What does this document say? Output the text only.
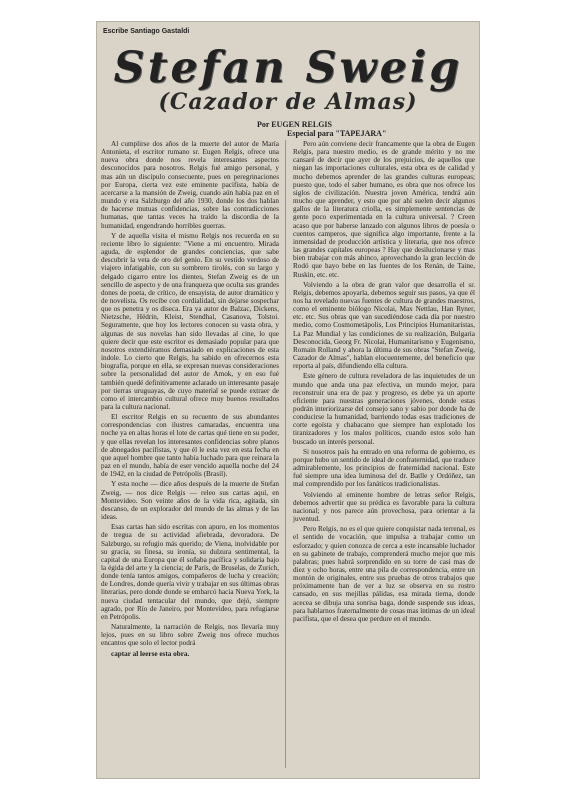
Escribe Santiago Gastaldi
Stefan Sweig
(Cazador de Almas)
Por EUGEN RELGIS
Especial para "TAPEJARA"

Al cumplirse dos años de la muerte del autor de María Antonieta, el escritor rumano sr. Eugen Relgis, ofrece una nueva obra donde nos revela interesantes aspectos desconocidos para nosotros. Relgis fué amigo personal, y mas aún un discípulo consecuente, pues en peregrinaciones por Europa, cierta vez este eminente pacifista, había de acercarse a la mansión de Zweig, cuando aún había paz en el mundo y era Salzburgo del año 1930, donde los dos hablan de hacerse mutuas confidencias, sobre las contradicciones humanas, que tantas veces ha traído la discordia de la humanidad, engendrando horribles guerras.

Y de aquella visita el mismo Relgis nos recuerda en su reciente libro lo siguiente: "Viene a mi encuentro. Mirada aguda, de esplendor de grandes conciencias, que sabe descubrir la veta de oro del genio. En su vestido verdoso de viajero infatigable, con su sombrero tirolés, con su largo y delgado cigarro entre los dientes, Stefan Zweig es de un sencillo de aspecto y de una franqueza que oculta sus grandes dones de poeta, de crítico, de ensayista, de autor dramático y de novelista. Os recibe con cordialidad, sin dejarse sospechar que os penetra y os diseca. Era ya autor de Balzac, Dickens, Nietzsche, Hëdrin, Kleist, Stendhal, Casanova, Tolstoi. Seguramente, que hoy los lectores conocen su vasta obra, y algunas de sus novelas han sido llevadas al cine, lo que quiere decir que este escritor es demasiado popular para que nosotros extendiéramos demasiado en explicaciones de esta índole. Lo cierto que Relgis, ha sabido en ofrecernos esta biografía, porque en ella, se expresan nuevas consideraciones sobre la personalidad del autor de Amok, y en eso fué también quedé definitivamente aclarado un interesante pasaje por tierras uruguayas, de cuyo material se puede extraer de como el intercambio cultural ofrece muy buenos resultados para la cultura nacional.

El escritor Relgis en su recuento de sus abundantes correspondencias con ilustres camaradas, encuentra una noche ya en altas horas el lote de cartas qué tiene en su poder, y que ellas revelan los interesantes confidencias sobre planos de abnegados pacifistas, y que él le esta vez en esta fecha en que aquel hombre que tanto había luchado para que reinara la paz en el mundo, había de eser vencido aquella noche del 24 de 1942, en la ciudad de Petrópolis (Brasil).

Y esta noche — dice años después de la muerte de Stefan Zweig, — nos dice Relgis — releo sus cartas aquí, en Montevideo. Son veinte años de la vida rica, agitada, sin descanso, de un explorador del mundo de las almas y de las ideas.

Esas cartas han sido escritas con apuro, en los momentos de tregua de su actividad afiebrada, devoradora. De Salzburgo, su refugio más querido; de Viena, inolvidable por su gracia, su finesa, su ironía, su dulzura sentimental, la capital de una Europa que él soñaba pacífica y solidaria bajo la égida del arte y la ciencia; de París, de Bruselas, de Zurich, donde tenía tantos amigos, compañeros de lucha y creación; de Londres, donde quería vivir y trabajar en sus últimas obras literarias, pero donde donde se embarcó hacia Nueva York, la nueva ciudad tentacular del mundo, que dejó, siempre agrado, por Río de Janeiro, por Montevideo, para refugiarse en Petrópolis.

Naturalmente, la narración de Relgis, nos llevaría muy lejos, pues en su libro sobre Zweig nos ofrece muchos encantos que solo el lector podrá

captar al leerse esta obra.

Pero aún conviene decir francamente que la obra de Eugen Relgis, para nuestro medio, es de grande mérito y no me cansaré de decir que ayer de los prejuicios, de aquellos que niegan las importaciones culturales, esta obra es de calidad y mucho debemos aprender de las grandes culturas europeas; puesto que, todo el saber humano, es obra que nos ofrece los siglos de civilización. Nuestra joven América, tendrá aún mucho que aprender, y esto que por ahí suelen decir algunos gallos de la literatura criolla, es simplemente sentencias de gente poco experimentada en la cultura universal. ? Creen acaso que por haberse lanzado con algunos libros de poesía o cuentos camperos, que significa algo importante, frente a la inmensidad de producción artística y literaria, que nos ofrece las grandes capitales europeas ? Hay que desilucionarse y mas bien trabajar con más ahínco, aprovechando la gran lección de Rodó que hayo bebe en las fuentes de los Renán, de Taine, Ruskin, etc. etc.

Volviendo a la obra de gran valor que desarrolla el sr. Relgis, debemos apoyarla, debemos seguir sus pasos, ya que él nos ha revelado nuevas fuentes de cultura de grandes maestros, como el eminente biólogo Nicolai, Max Nettlau, Han Ryner, etc. etc. Sus obras que van sucediéndose cada día por nuestro medio, como Cosmometápolis, Los Principios Humanitaristas, La Paz Mundial y las condiciones de su realización, Bulgaria Desconocida, Georg Fr. Nicolai, Humanitarismo y Eugenismo, Romain Rolland y ahora la última de sus obras "Stefan Zweig, Cazador de Almas", hablan elocuentemente, del beneficio que reporta al país, difundiendo ella cultura.

Este género de cultura reveladora de las inquietudes de un mundo que anda una paz efectiva, un mundo mejor, para reconstruir una era de paz y progreso, es debe ya un aporte eficiente para nuestras generaciones jóvenes, donde estas podrán interiorizarse del consejo sano y sabio por donde ha de conducirse la humanidad, barriendo todas esas tradiciones de corte egoísta y chabacano que siempre han explotado los tiranizadores y los malos políticos, cuando estos solo han buscado un interés personal.

Si nosotros país ha entrado en una reforma de gobierno, es porque hubo un sentido de ideal de confraternidad, que traduce admirablemente, los principios de fraternidad nacional. Este fué siempre una idea luminosa del dr. Batlle y Ordóñez, tan mal comprendido por los fanáticos tradicionalistas.

Volviendo al eminente hombre de letras señor Relgis, debemos advertir que su prédica es favorable para la cultura nacional; y nos parece aún provechosa, para orientar a la juventud.

Pero Relgis, no es el que quiere conquistar nada terrenal, es el sentido de vocación, que impulsa a trabajar como un esforzado; y quien conozca de cerca a este incansable luchador en su gabinete de trabajo, comprenderá mucho mejor que mis palabras; pues habrá sorprendido en su torre de casi mas de diez y ocho horas, entre una pila de correspondencia, entre un montón de originales, entre sus pruebas de otros trabajos que próximamente han de ver a luz se observa en su rostro cansado, en sus mejillas pálidas, esa mirada tierna, donde acecea se dibuja una sonrisa baga, donde suspende sus ideas, para hablarnos fraternalmente de cosas mas íntimas de un ideal pacifista, que el desea que perdure en el mundo.
